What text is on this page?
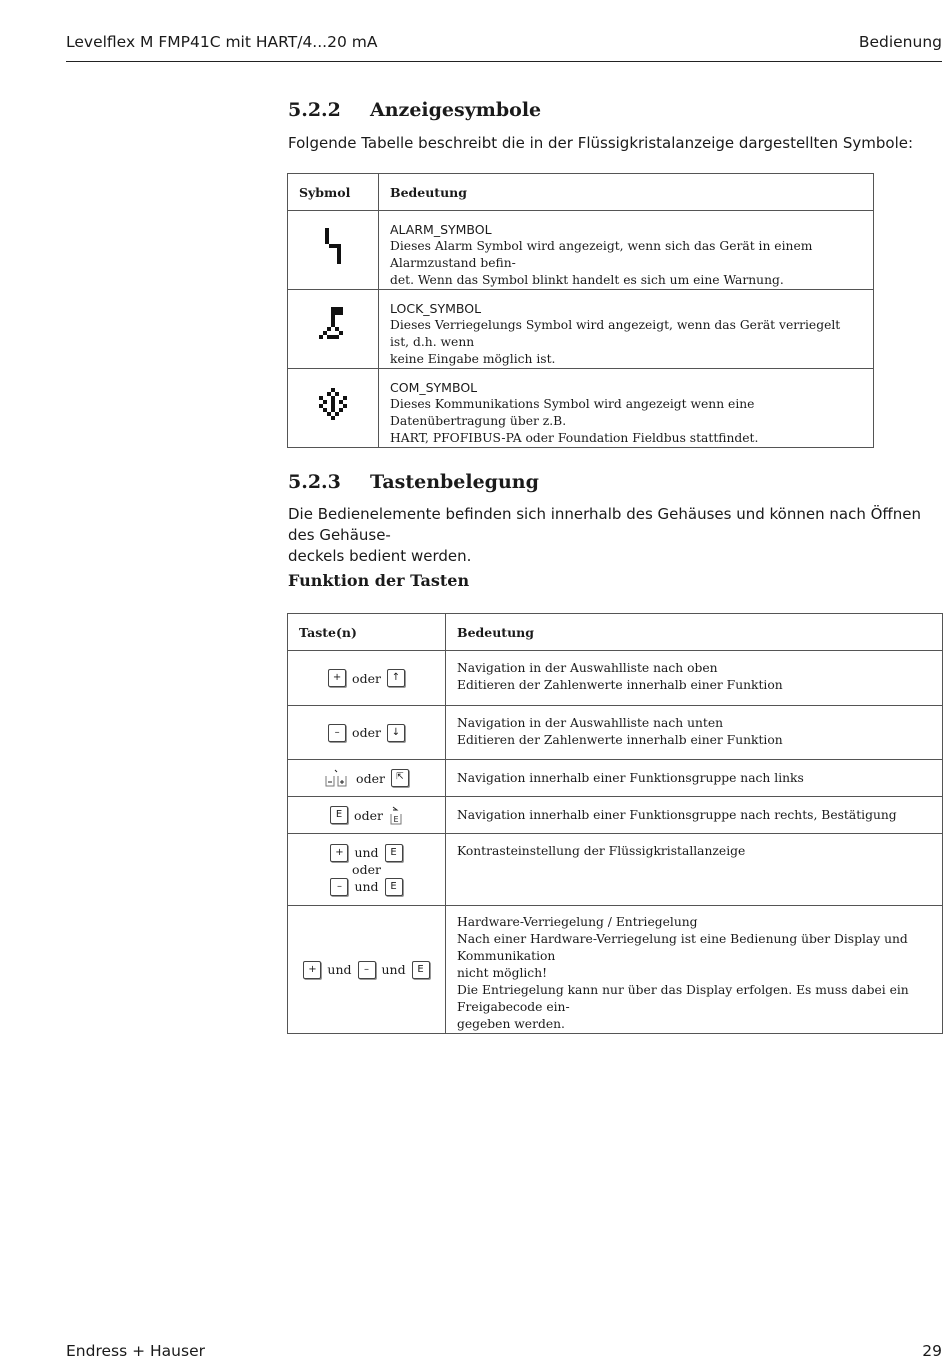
Levelflex M FMP41C mit HART/4...20 mA	Bedienung
5.2.2 Anzeigesymbole
Folgende Tabelle beschreibt die in der Flüssigkristalanzeige dargestellten Symbole:
Sybmol	Bedeutung

ALARM_SYMBOL
Dieses Alarm Symbol wird angezeigt, wenn sich das Gerät in einem Alarmzustand befin-
det. Wenn das Symbol blinkt handelt es sich um eine Warnung.

LOCK_SYMBOL
Dieses Verriegelungs Symbol wird angezeigt, wenn das Gerät verriegelt ist, d.h. wenn
keine Eingabe möglich ist.

COM_SYMBOL
Dieses Kommunikations Symbol wird angezeigt wenn eine Datenübertragung über z.B.
HART, PFOFIBUS-PA oder Foundation Fieldbus stattfindet.
5.2.3 Tastenbelegung
Die Bedienelemente befinden sich innerhalb des Gehäuses und können nach Öffnen des Gehäuse-
deckels bedient werden.
Funktion der Tasten
Taste(n)	Bedeutung
+ oder ↑	Navigation in der Auswahlliste nach oben
Editieren der Zahlenwerte innerhalb einer Funktion

– oder ↓	Navigation in der Auswahlliste nach unten
Editieren der Zahlenwerte innerhalb einer Funktion

oder ⇱	Navigation innerhalb einer Funktionsgruppe nach links

E oder E	Navigation innerhalb einer Funktionsgruppe nach rechts, Bestätigung

+ und E
oder
– und E	Kontrasteinstellung der Flüssigkristallanzeige

+ und – und E	Hardware-Verriegelung / Entriegelung
Nach einer Hardware-Verriegelung ist eine Bedienung über Display und Kommunikation
nicht möglich!
Die Entriegelung kann nur über das Display erfolgen. Es muss dabei ein Freigabecode ein-
gegeben werden.
Endress + Hauser	29
